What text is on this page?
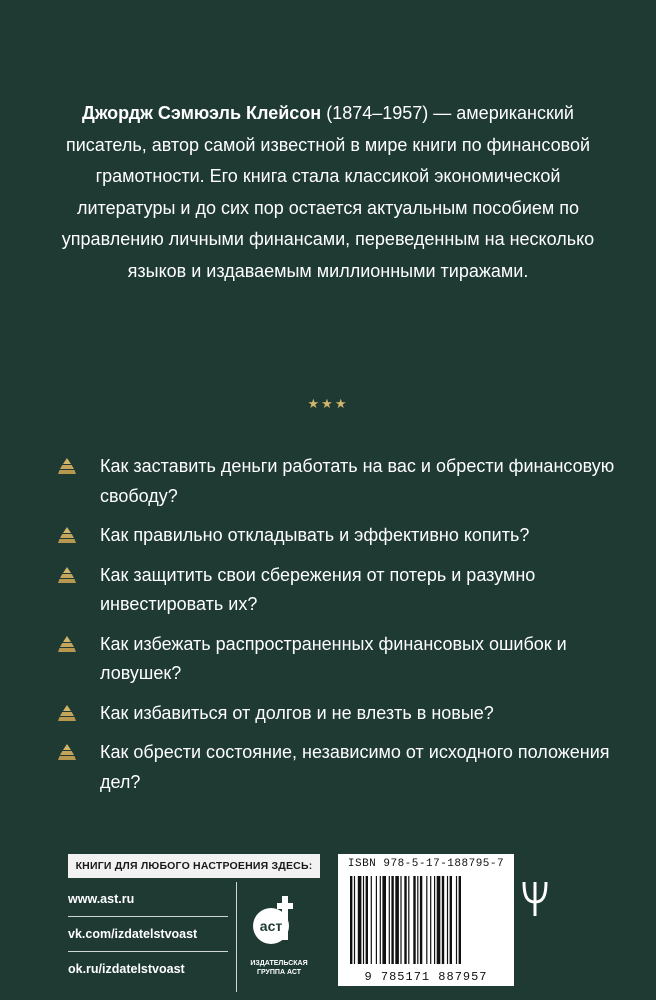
Джордж Сэмюэль Клейсон (1874–1957) — американский писатель, автор самой известной в мире книги по финансовой грамотности. Его книга стала классикой экономической литературы и до сих пор остается актуальным пособием по управлению личными финансами, переведенным на несколько языков и издаваемым миллионными тиражами.
★★★
Как заставить деньги работать на вас и обрести финансовую свободу?
Как правильно откладывать и эффективно копить?
Как защитить свои сбережения от потерь и разумно инвестировать их?
Как избежать распространенных финансовых ошибок и ловушек?
Как избавиться от долгов и не влезть в новые?
Как обрести состояние, независимо от исходного положения дел?
КНИГИ ДЛЯ ЛЮБОГО НАСТРОЕНИЯ ЗДЕСЬ:
www.ast.ru
vk.com/izdatelstvoast
ok.ru/izdatelstvoast
аст
ИЗДАТЕЛЬСКАЯ ГРУППА АСТ
ISBN 978-5-17-188795-7
9 785171 887957
